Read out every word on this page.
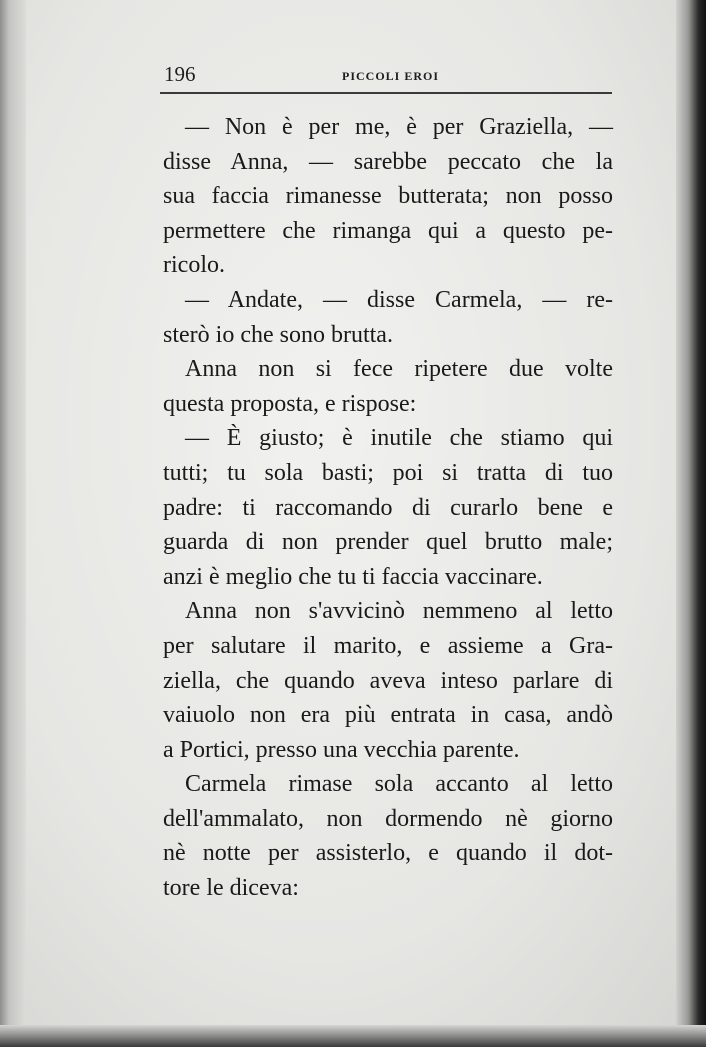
196	PICCOLI EROI
— Non è per me, è per Graziella, —
disse Anna, — sarebbe peccato che la
sua faccia rimanesse butterata; non posso
permettere che rimanga qui a questo pe-
ricolo.
— Andate, — disse Carmela, — re-
sterò io che sono brutta.
Anna non si fece ripetere due volte
questa proposta, e rispose:
— È giusto; è inutile che stiamo qui
tutti; tu sola basti; poi si tratta di tuo
padre: ti raccomando di curarlo bene e
guarda di non prender quel brutto male;
anzi è meglio che tu ti faccia vaccinare.
Anna non s'avvicinò nemmeno al letto
per salutare il marito, e assieme a Gra-
ziella, che quando aveva inteso parlare di
vaiuolo non era più entrata in casa, andò
a Portici, presso una vecchia parente.
Carmela rimase sola accanto al letto
dell'ammalato, non dormendo nè giorno
nè notte per assisterlo, e quando il dot-
tore le diceva:
